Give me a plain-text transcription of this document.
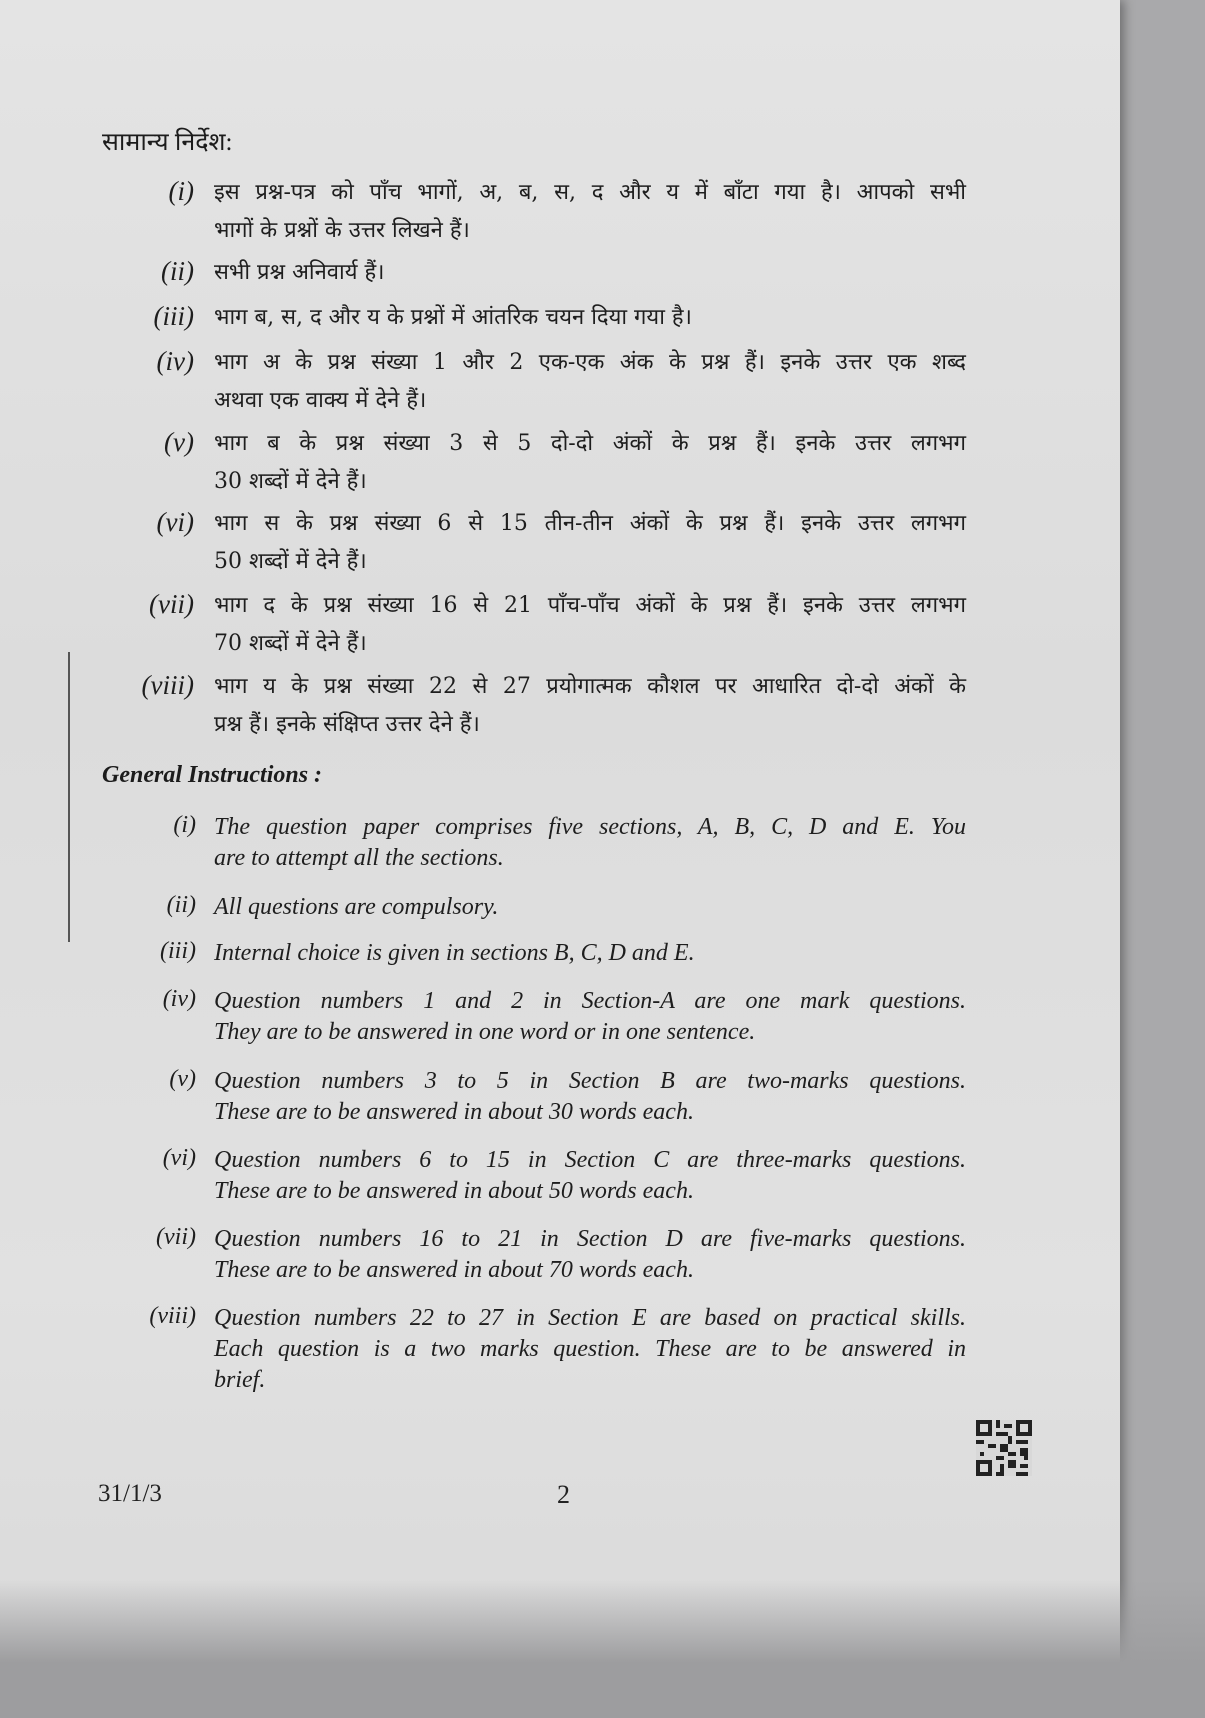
सामान्य निर्देश:
(i) इस प्रश्न-पत्र को पाँच भागों, अ, ब, स, द और य में बाँटा गया है। आपको सभी
भागों के प्रश्नों के उत्तर लिखने हैं।
(ii) सभी प्रश्न अनिवार्य हैं।
(iii) भाग ब, स, द और य के प्रश्नों में आंतरिक चयन दिया गया है।
(iv) भाग अ के प्रश्न संख्या 1 और 2 एक-एक अंक के प्रश्न हैं। इनके उत्तर एक शब्द
अथवा एक वाक्य में देने हैं।
(v) भाग ब के प्रश्न संख्या 3 से 5 दो-दो अंकों के प्रश्न हैं। इनके उत्तर लगभग
30 शब्दों में देने हैं।
(vi) भाग स के प्रश्न संख्या 6 से 15 तीन-तीन अंकों के प्रश्न हैं। इनके उत्तर लगभग
50 शब्दों में देने हैं।
(vii) भाग द के प्रश्न संख्या 16 से 21 पाँच-पाँच अंकों के प्रश्न हैं। इनके उत्तर लगभग
70 शब्दों में देने हैं।
(viii) भाग य के प्रश्न संख्या 22 से 27 प्रयोगात्मक कौशल पर आधारित दो-दो अंकों के
प्रश्न हैं। इनके संक्षिप्त उत्तर देने हैं।
General Instructions :
(i) The question paper comprises five sections, A, B, C, D and E. You
are to attempt all the sections.
(ii) All questions are compulsory.
(iii) Internal choice is given in sections B, C, D and E.
(iv) Question numbers 1 and 2 in Section-A are one mark questions.
They are to be answered in one word or in one sentence.
(v) Question numbers 3 to 5 in Section B are two-marks questions.
These are to be answered in about 30 words each.
(vi) Question numbers 6 to 15 in Section C are three-marks questions.
These are to be answered in about 50 words each.
(vii) Question numbers 16 to 21 in Section D are five-marks questions.
These are to be answered in about 70 words each.
(viii) Question numbers 22 to 27 in Section E are based on practical skills.
Each question is a two marks question. These are to be answered in
brief.
31/1/3	2
